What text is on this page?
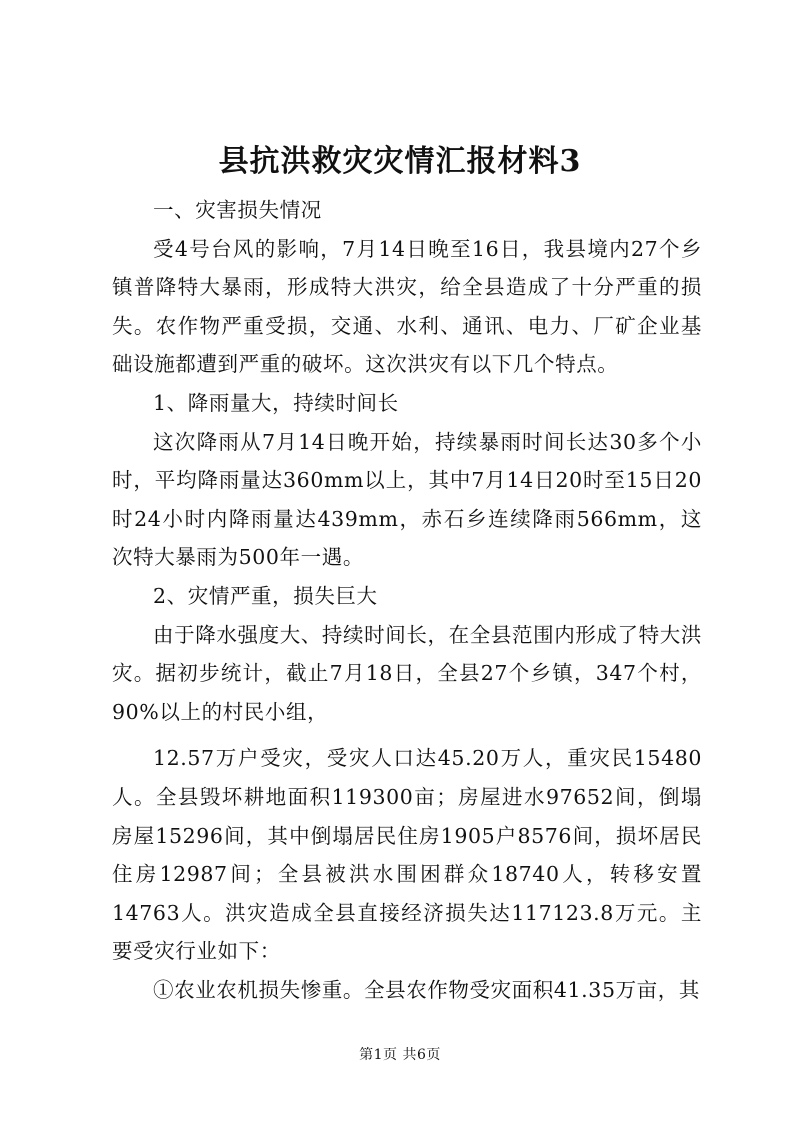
县抗洪救灾灾情汇报材料3

一、灾害损失情况

受4号台风的影响，7月14日晚至16日，我县境内27个乡镇普降特大暴雨，形成特大洪灾，给全县造成了十分严重的损失。农作物严重受损，交通、水利、通讯、电力、厂矿企业基础设施都遭到严重的破坏。这次洪灾有以下几个特点。

1、降雨量大，持续时间长

这次降雨从7月14日晚开始，持续暴雨时间长达30多个小时，平均降雨量达360mm以上，其中7月14日20时至15日20时24小时内降雨量达439mm，赤石乡连续降雨566mm，这次特大暴雨为500年一遇。

2、灾情严重，损失巨大

由于降水强度大、持续时间长，在全县范围内形成了特大洪灾。据初步统计，截止7月18日，全县27个乡镇，347个村，90%以上的村民小组，

12.57万户受灾，受灾人口达45.20万人，重灾民15480人。全县毁坏耕地面积119300亩；房屋进水97652间，倒塌房屋15296间，其中倒塌居民住房1905户8576间，损坏居民住房12987间；全县被洪水围困群众18740人，转移安置14763人。洪灾造成全县直接经济损失达117123.8万元。主要受灾行业如下：

①农业农机损失惨重。全县农作物受灾面积41.35万亩，其

第1页 共6页
